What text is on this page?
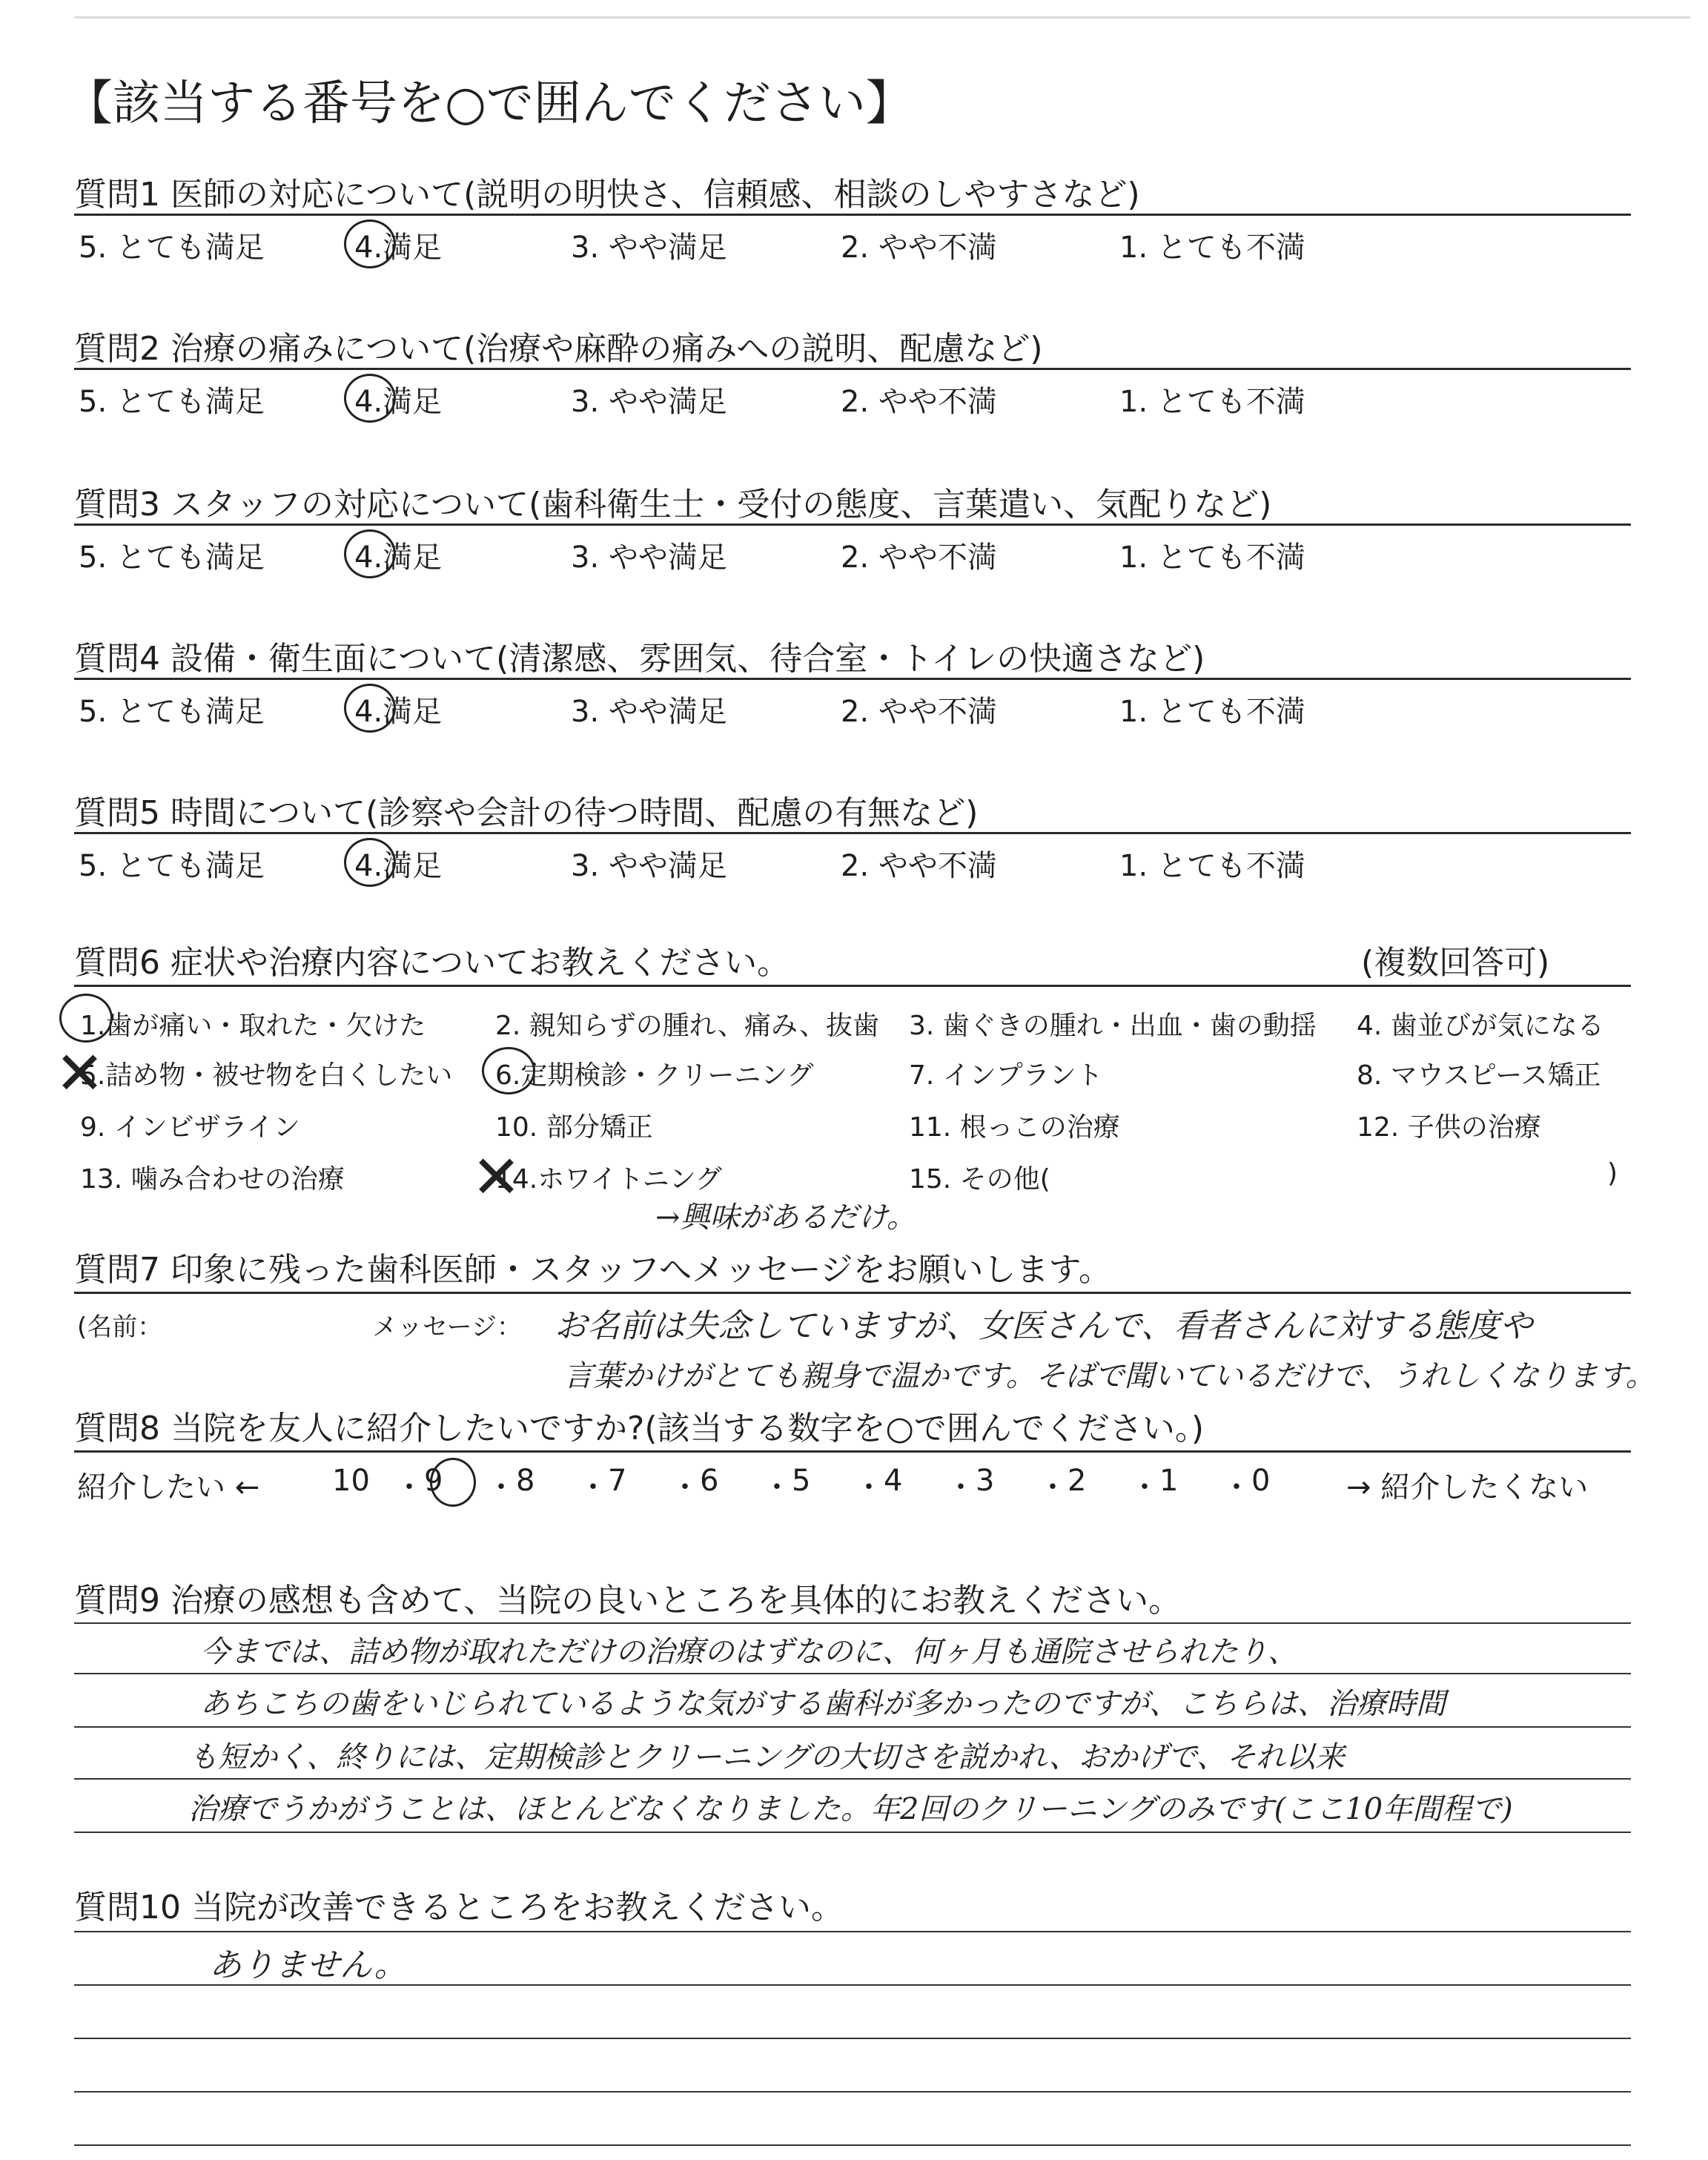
【該当する番号を○で囲んでください】
質問1 医師の対応について(説明の明快さ、信頼感、相談のしやすさなど)
5. とても満足	4.満足	3. やや満足	2. やや不満	1. とても不満
質問2 治療の痛みについて(治療や麻酔の痛みへの説明、配慮など)
5. とても満足	4.満足	3. やや満足	2. やや不満	1. とても不満
質問3 スタッフの対応について(歯科衛生士・受付の態度、言葉遣い、気配りなど)
5. とても満足	4.満足	3. やや満足	2. やや不満	1. とても不満
質問4 設備・衛生面について(清潔感、雰囲気、待合室・トイレの快適さなど)
5. とても満足	4.満足	3. やや満足	2. やや不満	1. とても不満
質問5 時間について(診察や会計の待つ時間、配慮の有無など)
5. とても満足	4.満足	3. やや満足	2. やや不満	1. とても不満
質問6 症状や治療内容についてお教えください。	(複数回答可)
1.歯が痛い・取れた・欠けた	2. 親知らずの腫れ、痛み、抜歯 3. 歯ぐきの腫れ・出血・歯の動揺 4. 歯並びが気になる
5.詰め物・被せ物を白くしたい 6.定期検診・クリーニング	7. インプラント	8. マウスピース矯正
9. インビザライン	10. 部分矯正	11. 根っこの治療	12. 子供の治療
13. 噛み合わせの治療	14.ホワイトニング	15. その他(	)
✕
✕
→興味があるだけ。
質問7 印象に残った歯科医師・スタッフへメッセージをお願いします。
(名前：	メッセージ： お名前は失念していますが、女医さんで、看者さんに対する態度や
言葉かけがとても親身で温かです。そばで聞いているだけで、うれしくなります。
質問8 当院を友人に紹介したいですか?(該当する数字を○で囲んでください。)
紹介したい ← 10 ・ 9 ・ 8 ・ 7 ・ 6 ・ 5 ・ 4 ・ 3 ・ 2 ・ 1 ・ 0	→ 紹介したくない
質問9 治療の感想も含めて、当院の良いところを具体的にお教えください。
今までは、詰め物が取れただけの治療のはずなのに、何ヶ月も通院させられたり、
あちこちの歯をいじられているような気がする歯科が多かったのですが、こちらは、治療時間
も短かく、終りには、定期検診とクリーニングの大切さを説かれ、おかげで、それ以来
治療でうかがうことは、ほとんどなくなりました。年2回のクリーニングのみです(ここ10年間程で)
質問10 当院が改善できるところをお教えください。
ありません。
